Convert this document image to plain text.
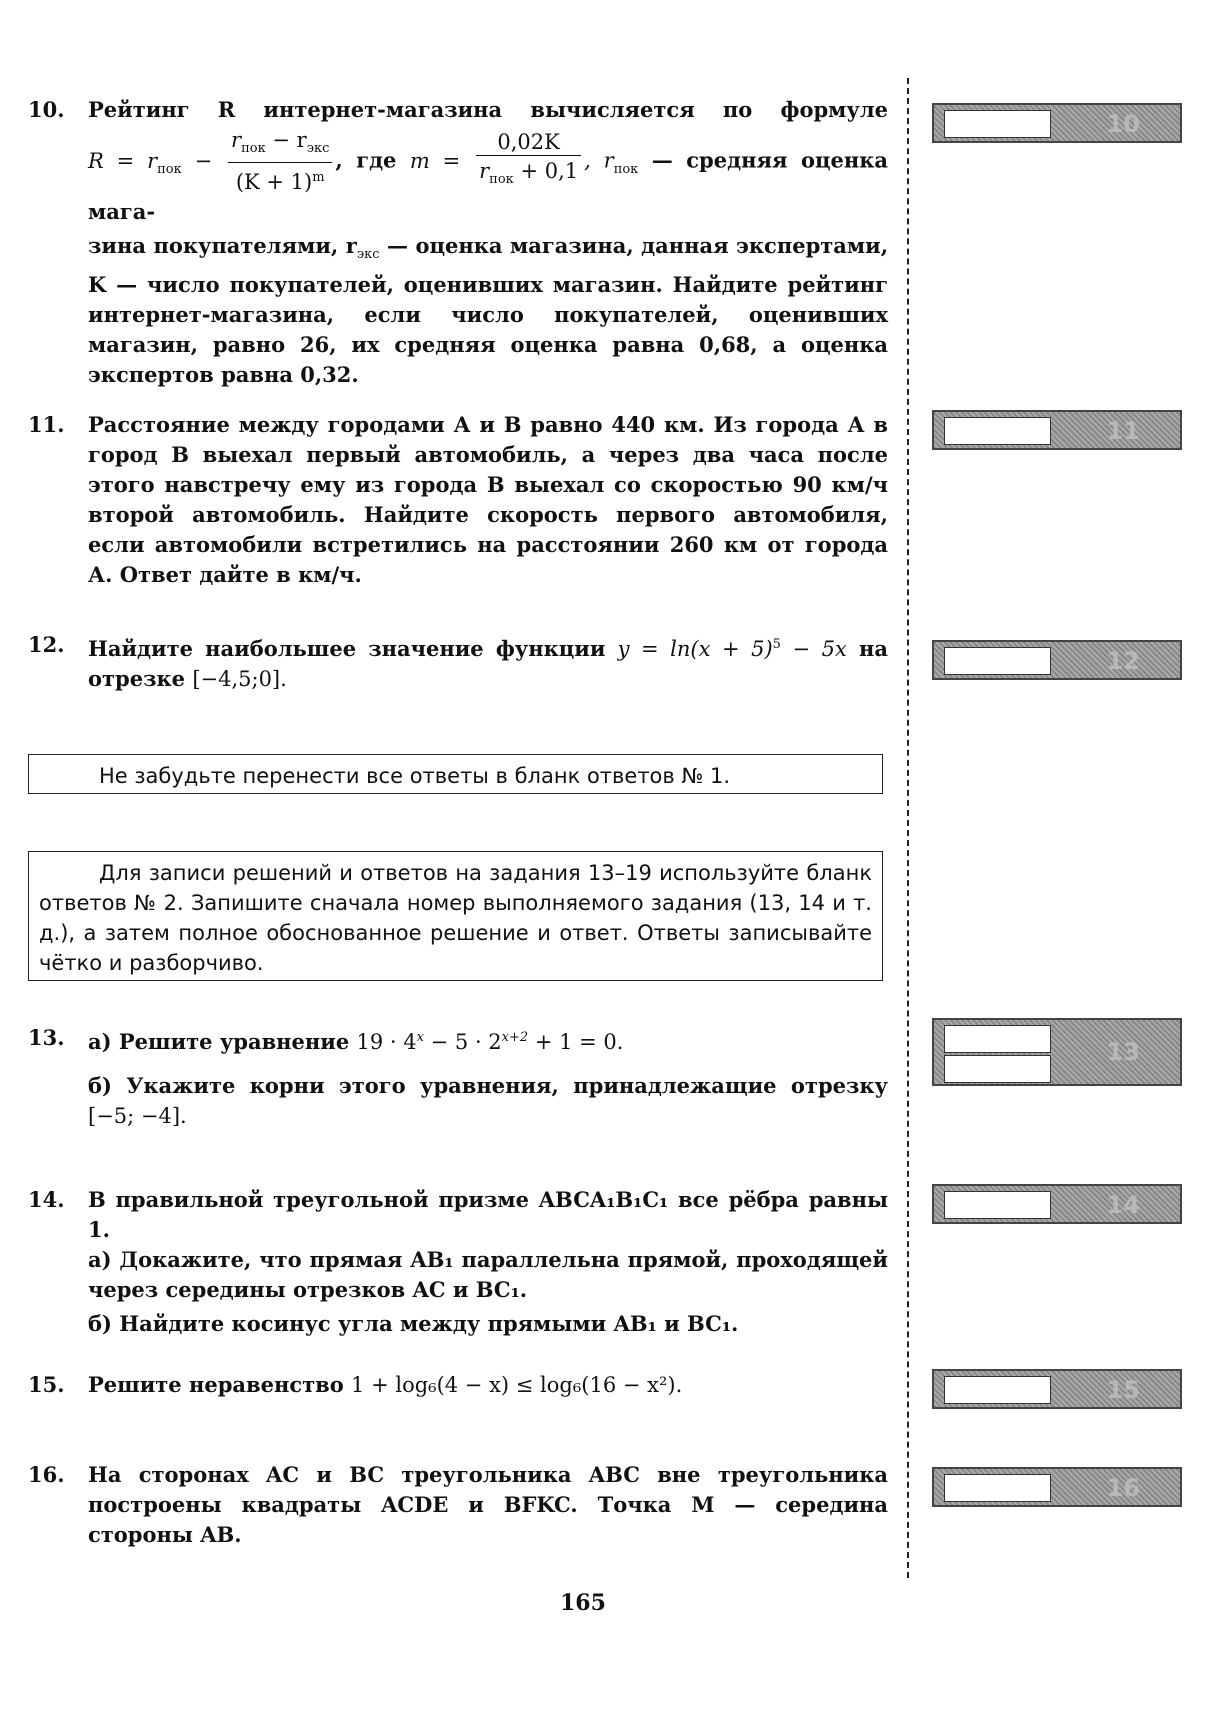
10.	Рейтинг R интернет-магазина вычисляется по формуле

$R = r_{пок} - \frac{r_{пок} - r_{экс}}{(K + 1)^m}$ , где $m = \frac{0,02K}{r_{пок} + 0,1}$ , $r_{пок}$ — средняя оценка мага-

зина покупателями, $r_{экс}$ — оценка магазина, данная экспертами, K — число покупателей, оценивших магазин. Найдите рейтинг интернет-магазина, если число покупателей, оценивших магазин, равно 26, их средняя оценка равна 0,68, а оценка экспертов равна 0,32.

11.	Расстояние между городами А и В равно 440 км. Из города А в город В выехал первый автомобиль, а через два часа после этого навстречу ему из города В выехал со скоростью 90 км/ч второй автомобиль. Найдите скорость первого автомобиля, если автомобили встретились на расстоянии 260 км от города А. Ответ дайте в км/ч.

12.	Найдите наибольшее значение функции $y = \ln(x + 5)^5 - 5x$ на отрезке [−4,5;0].

Не забудьте перенести все ответы в бланк ответов № 1.
Для записи решений и ответов на задания 13–19 используйте бланк ответов № 2. Запишите сначала номер выполняемого задания (13, 14 и т. д.), а затем полное обоснованное решение и ответ. Ответы записывайте чётко и разборчиво.
13.	а) Решите уравнение $19 \cdot 4^x - 5 \cdot 2^{x+2} + 1 = 0$.

б) Укажите корни этого уравнения, принадлежащие отрезку [−5; −4].

14.	В правильной треугольной призме ABCA₁B₁C₁ все рёбра равны 1.

а) Докажите, что прямая AB₁ параллельна прямой, проходящей через середины отрезков AC и BC₁.

б) Найдите косинус угла между прямыми AB₁ и BC₁.

15.	Решите неравенство 1 + log₆(4 − x) ≤ log₆(16 − x²).

16.	На сторонах AC и BC треугольника ABC вне треугольника построены квадраты ACDE и BFKC. Точка M — середина стороны AB.

10
11
12
13
14
15
16
165
